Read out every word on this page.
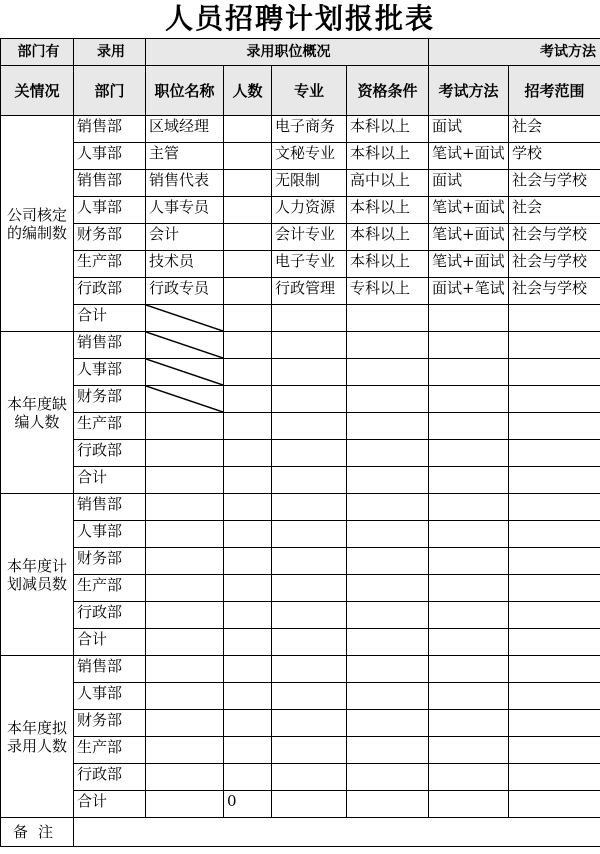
人员招聘计划报批表
部门有	录用	录用职位概况				考试方法	
关情况	部门	职位名称	人数	专业	资格条件	考试方法	招考范围
公司核定的编制数	销售部	区域经理		电子商务	本科以上	面试	社会

	人事部	主管		文秘专业	本科以上	笔试+面试	学校

	销售部	销售代表		无限制	高中以上	面试	社会与学校

	人事部	人事专员		人力资源	本科以上	笔试+面试	社会

	财务部	会计		会计专业	本科以上	笔试+面试	社会与学校

	生产部	技术员		电子专业	本科以上	笔试+面试	社会与学校

	行政部	行政专员		行政管理	专科以上	面试+笔试	社会与学校

	合计

本年度缺编人数	销售部

	人事部

	财务部

	生产部						

	行政部						

	合计						

本年度计划减员数	销售部						

	人事部						

	财务部						

	生产部						

	行政部						

	合计						

本年度拟录用人数	销售部						

	人事部						

	财务部						

	生产部						

	行政部						

	合计		0				

备注							
